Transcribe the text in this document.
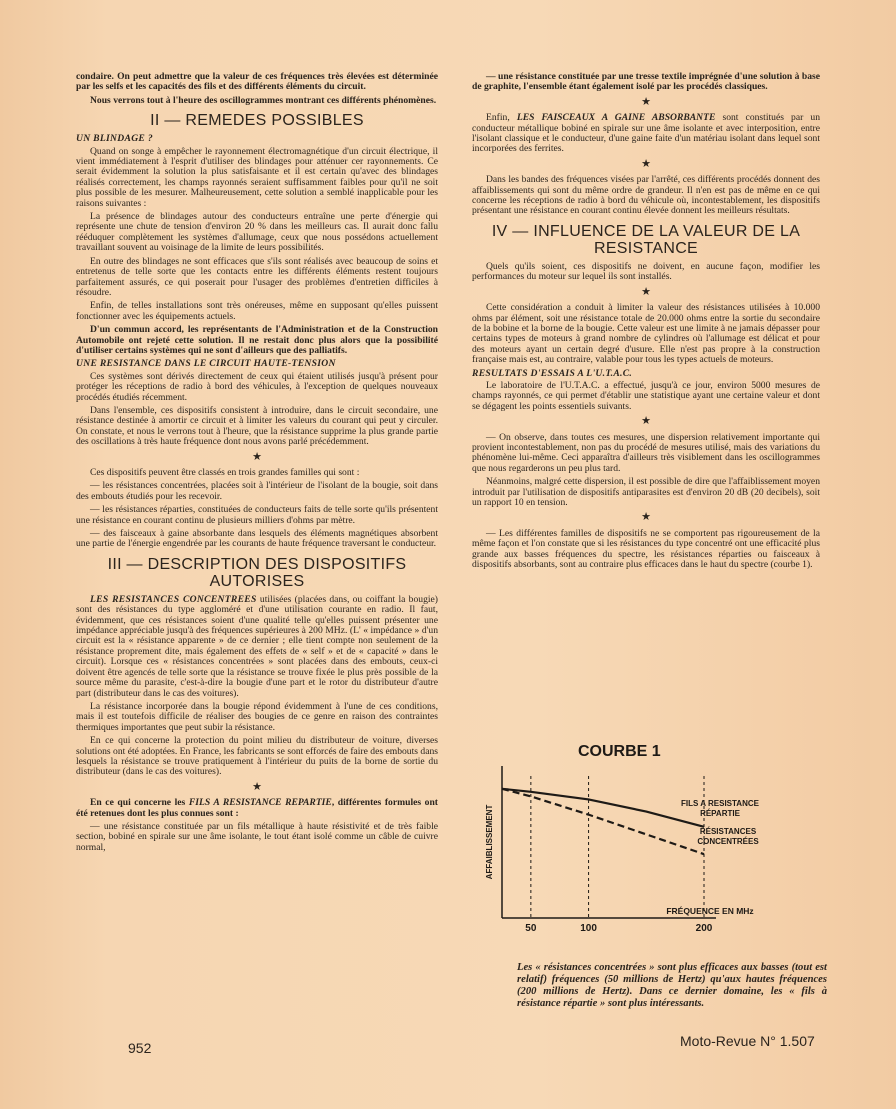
condaire. On peut admettre que la valeur de ces fréquences très élevées est déterminée par les selfs et les capacités des fils et des différents éléments du circuit.

Nous verrons tout à l'heure des oscillogrammes montrant ces différents phénomènes.

II — REMEDES POSSIBLES
UN BLINDAGE ?

Quand on songe à empêcher le rayonnement électromagnétique d'un circuit électrique, il vient immédiatement à l'esprit d'utiliser des blindages pour atténuer cer rayonnements. Ce serait évidemment la solution la plus satisfaisante et il est certain qu'avec des blindages réalisés correctement, les champs rayonnés seraient suffisamment faibles pour qu'il ne soit plus possible de les mesurer. Malheureusement, cette solution a semblé inapplicable pour les raisons suivantes :

La présence de blindages autour des conducteurs entraîne une perte d'énergie qui représente une chute de tension d'environ 20 % dans les meilleurs cas. Il aurait donc fallu rééduquer complètement les systèmes d'allumage, ceux que nous possédons actuellement travaillant souvent au voisinage de la limite de leurs possibilités.

En outre des blindages ne sont efficaces que s'ils sont réalisés avec beaucoup de soins et entretenus de telle sorte que les contacts entre les différents éléments restent toujours parfaitement assurés, ce qui poserait pour l'usager des problèmes d'entretien difficiles à résoudre.

Enfin, de telles installations sont très onéreuses, même en supposant qu'elles puissent fonctionner avec les équipements actuels.

D'un commun accord, les représentants de l'Administration et de la Construction Automobile ont rejeté cette solution. Il ne restait donc plus alors que la possibilité d'utiliser certains systèmes qui ne sont d'ailleurs que des palliatifs.

UNE RESISTANCE DANS LE CIRCUIT HAUTE-TENSION

Ces systèmes sont dérivés directement de ceux qui étaient utilisés jusqu'à présent pour protéger les réceptions de radio à bord des véhicules, à l'exception de quelques nouveaux procédés étudiés récemment.

Dans l'ensemble, ces dispositifs consistent à introduire, dans le circuit secondaire, une résistance destinée à amortir ce circuit et à limiter les valeurs du courant qui peut y circuler. On constate, et nous le verrons tout à l'heure, que la résistance supprime la plus grande partie des oscillations à très haute fréquence dont nous avons parlé précédemment.

★

Ces dispositifs peuvent être classés en trois grandes familles qui sont :

— les résistances concentrées, placées soit à l'intérieur de l'isolant de la bougie, soit dans des embouts étudiés pour les recevoir.

— les résistances réparties, constituées de conducteurs faits de telle sorte qu'ils présentent une résistance en courant continu de plusieurs milliers d'ohms par mètre.

— des faisceaux à gaine absorbante dans lesquels des éléments magnétiques absorbent une partie de l'énergie engendrée par les courants de haute fréquence traversant le conducteur.

III — DESCRIPTION DES DISPOSITIFS AUTORISES

LES RESISTANCES CONCENTREES utilisées (placées dans, ou coiffant la bougie) sont des résistances du type aggloméré et d'une utilisation courante en radio. Il faut, évidemment, que ces résistances soient d'une qualité telle qu'elles puissent présenter une impédance appréciable jusqu'à des fréquences supérieures à 200 MHz. (L' « impédance » d'un circuit est la « résistance apparente » de ce dernier ; elle tient compte non seulement de la résistance proprement dite, mais également des effets de « self » et de « capacité » dans le circuit). Lorsque ces « résistances concentrées » sont placées dans des embouts, ceux-ci doivent être agencés de telle sorte que la résistance se trouve fixée le plus près possible de la source même du parasite, c'est-à-dire la bougie d'une part et le rotor du distributeur d'autre part (distributeur dans le cas des voitures).

La résistance incorporée dans la bougie répond évidemment à l'une de ces conditions, mais il est toutefois difficile de réaliser des bougies de ce genre en raison des contraintes thermiques importantes que peut subir la résistance.

En ce qui concerne la protection du point milieu du distributeur de voiture, diverses solutions ont été adoptées. En France, les fabricants se sont efforcés de faire des embouts dans lesquels la résistance se trouve pratiquement à l'intérieur du puits de la borne de sortie du distributeur (dans le cas des voitures).

★

En ce qui concerne les FILS A RESISTANCE REPARTIE, différentes formules ont été retenues dont les plus connues sont :

— une résistance constituée par un fils métallique à haute résistivité et de très faible section, bobiné en spirale sur une âme isolante, le tout étant isolé comme un câble de cuivre normal,

— une résistance constituée par une tresse textile imprégnée d'une solution à base de graphite, l'ensemble étant également isolé par les procédés classiques.

★

Enfin, LES FAISCEAUX A GAINE ABSORBANTE sont constitués par un conducteur métallique bobiné en spirale sur une âme isolante et avec interposition, entre l'isolant classique et le conducteur, d'une gaine faite d'un matériau isolant dans lequel sont incorporées des ferrites.

★

Dans les bandes des fréquences visées par l'arrêté, ces différents procédés donnent des affaiblissements qui sont du même ordre de grandeur. Il n'en est pas de même en ce qui concerne les réceptions de radio à bord du véhicule où, incontestablement, les dispositifs présentant une résistance en courant continu élevée donnent les meilleurs résultats.

IV — INFLUENCE DE LA VALEUR DE LA RESISTANCE

Quels qu'ils soient, ces dispositifs ne doivent, en aucune façon, modifier les performances du moteur sur lequel ils sont installés.

★

Cette considération a conduit à limiter la valeur des résistances utilisées à 10.000 ohms par élément, soit une résistance totale de 20.000 ohms entre la sortie du secondaire de la bobine et la borne de la bougie. Cette valeur est une limite à ne jamais dépasser pour certains types de moteurs à grand nombre de cylindres où l'allumage est délicat et pour des moteurs ayant un certain degré d'usure. Elle n'est pas propre à la construction française mais est, au contraire, valable pour tous les types actuels de moteurs.

RESULTATS D'ESSAIS A L'U.T.A.C.

Le laboratoire de l'U.T.A.C. a effectué, jusqu'à ce jour, environ 5000 mesures de champs rayonnés, ce qui permet d'établir une statistique ayant une certaine valeur et dont se dégagent les points essentiels suivants.

★

— On observe, dans toutes ces mesures, une dispersion relativement importante qui provient incontestablement, non pas du procédé de mesures utilisé, mais des variations du phénomène lui-même. Ceci apparaîtra d'ailleurs très visiblement dans les oscillogrammes que nous regarderons un peu plus tard.

Néanmoins, malgré cette dispersion, il est possible de dire que l'affaiblissement moyen introduit par l'utilisation de dispositifs antiparasites est d'environ 20 dB (20 decibels), soit un rapport 10 en tension.

★

— Les différentes familles de dispositifs ne se comportent pas rigoureusement de la même façon et l'on constate que si les résistances du type concentré ont une efficacité plus grande aux basses fréquences du spectre, les résistances réparties ou faisceaux à dispositifs absorbants, sont au contraire plus efficaces dans le haut du spectre (courbe 1).

COURBE 1
AFFAIBLISSEMENT
FRÉQUENCE EN MHz
50	100	200
FILS A RESISTANCE
RÉPARTIE
RÉSISTANCES
CONCENTRÉES
Les « résistances concentrées » sont plus efficaces aux basses (tout est relatif) fréquences (50 millions de Hertz) qu'aux hautes fréquences (200 millions de Hertz). Dans ce dernier domaine, les « fils à résistance répartie » sont plus intéressants.
952	Moto-Revue N° 1.507
